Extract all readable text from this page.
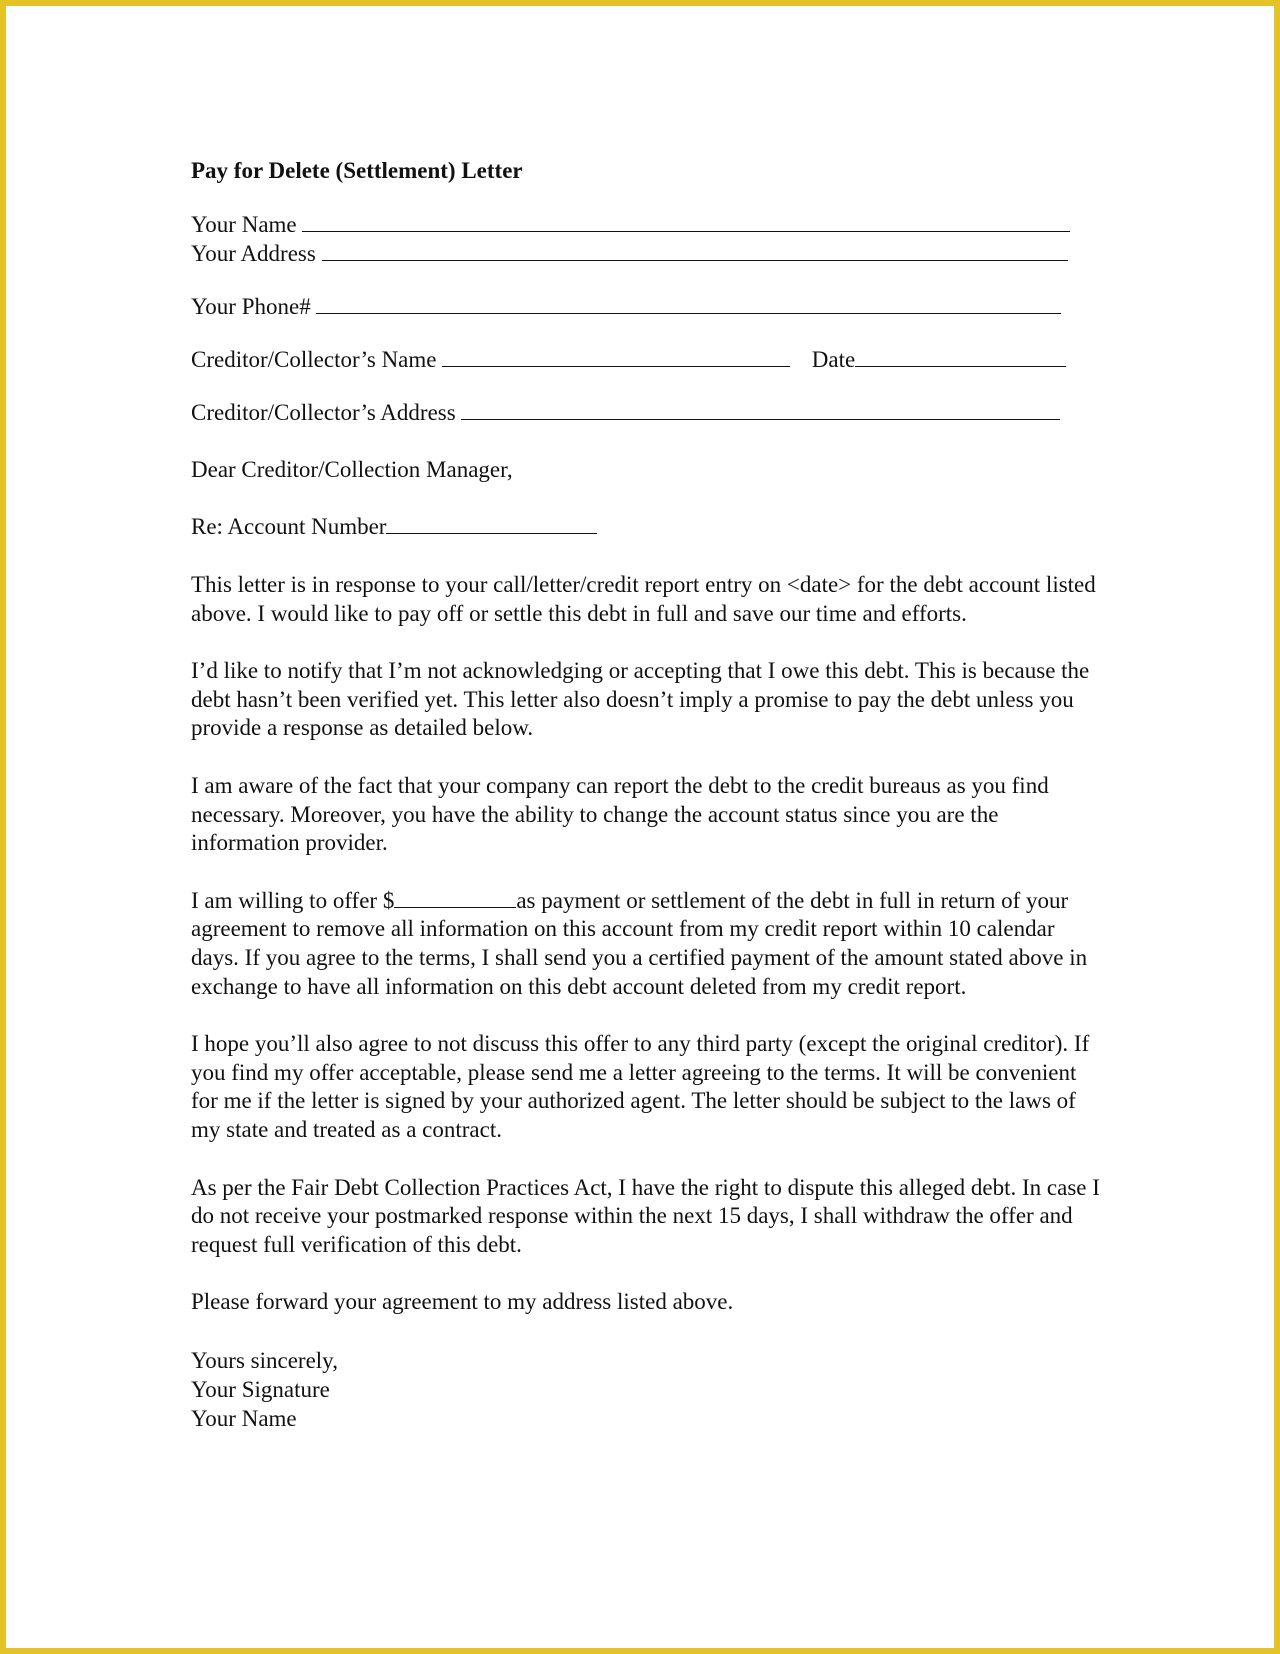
Pay for Delete (Settlement) Letter
Your Name
Your Address
Your Phone#
Creditor/Collector’s Name	Date
Creditor/Collector’s Address
Dear Creditor/Collection Manager,
Re: Account Number

This letter is in response to your call/letter/credit report entry on <date> for the debt account listed above. I would like to pay off or settle this debt in full and save our time and efforts.

I’d like to notify that I’m not acknowledging or accepting that I owe this debt. This is because the debt hasn’t been verified yet. This letter also doesn’t imply a promise to pay the debt unless you provide a response as detailed below.

I am aware of the fact that your company can report the debt to the credit bureaus as you find necessary. Moreover, you have the ability to change the account status since you are the information provider.

I am willing to offer $	as payment or settlement of the debt in full in return of your agreement to remove all information on this account from my credit report within 10 calendar days. If you agree to the terms, I shall send you a certified payment of the amount stated above in exchange to have all information on this debt account deleted from my credit report.

I hope you’ll also agree to not discuss this offer to any third party (except the original creditor). If you find my offer acceptable, please send me a letter agreeing to the terms. It will be convenient for me if the letter is signed by your authorized agent. The letter should be subject to the laws of my state and treated as a contract.

As per the Fair Debt Collection Practices Act, I have the right to dispute this alleged debt. In case I do not receive your postmarked response within the next 15 days, I shall withdraw the offer and request full verification of this debt.

Please forward your agreement to my address listed above.

Yours sincerely,
Your Signature
Your Name
